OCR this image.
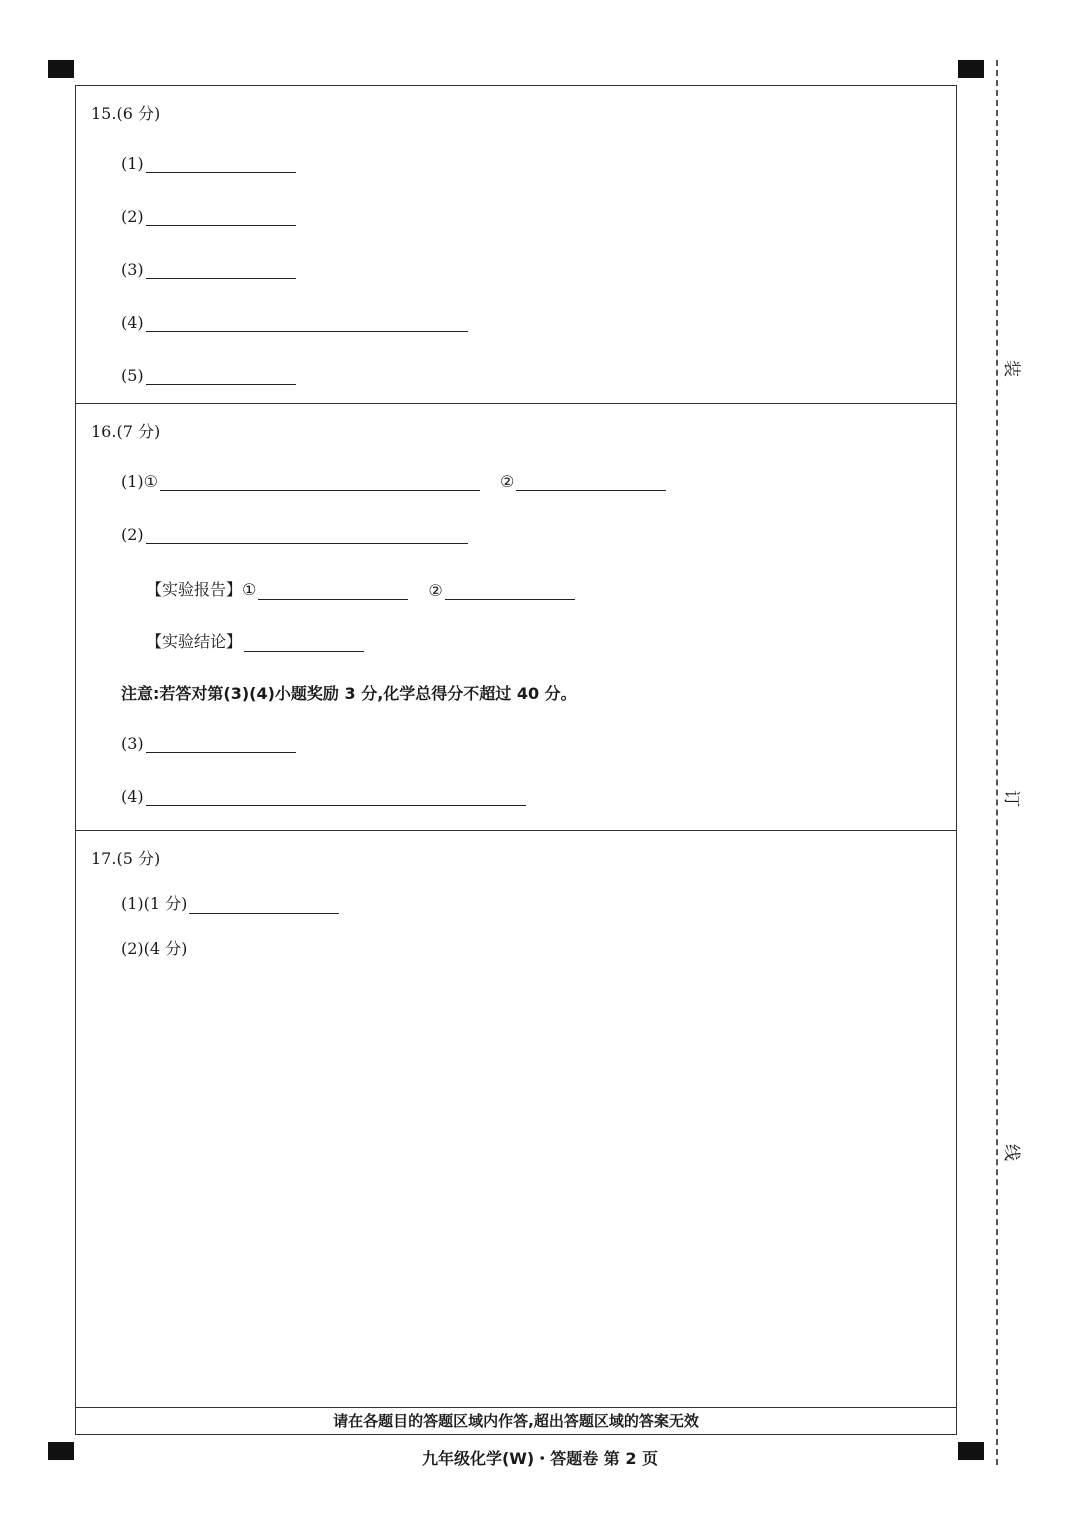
装
订
线
15.(6 分)
(1)
(2)
(3)
(4)
(5)
16.(7 分)
(1)①	②
(2)
【实验报告】①	②
【实验结论】
注意:若答对第(3)(4)小题奖励 3 分,化学总得分不超过 40 分。
(3)
(4)
17.(5 分)
(1)(1 分)
(2)(4 分)
请在各题目的答题区域内作答,超出答题区域的答案无效
九年级化学(W)・答题卷 第 2 页
